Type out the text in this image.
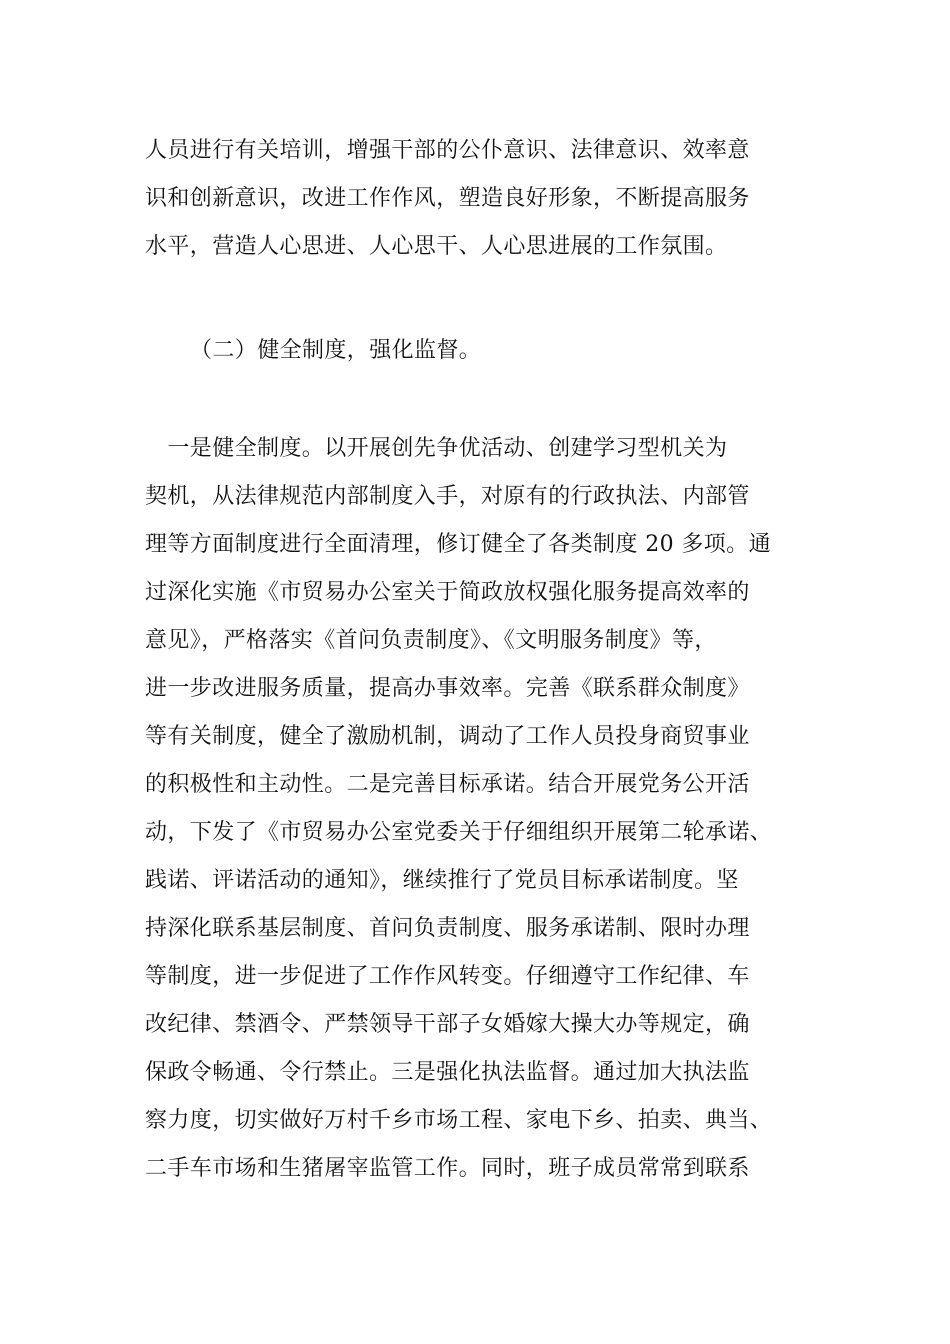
人员进行有关培训，增强干部的公仆意识、法律意识、效率意
识和创新意识，改进工作作风，塑造良好形象，不断提高服务
水平，营造人心思进、人心思干、人心思进展的工作氛围。
（二）健全制度，强化监督。
　一是健全制度。以开展创先争优活动、创建学习型机关为
契机，从法律规范内部制度入手，对原有的行政执法、内部管
理等方面制度进行全面清理，修订健全了各类制度 20 多项。通
过深化实施《市贸易办公室关于简政放权强化服务提高效率的
意见》，严格落实《首问负责制度》、《文明服务制度》等，
进一步改进服务质量，提高办事效率。完善《联系群众制度》
等有关制度，健全了激励机制，调动了工作人员投身商贸事业
的积极性和主动性。二是完善目标承诺。结合开展党务公开活
动，下发了《市贸易办公室党委关于仔细组织开展第二轮承诺、
践诺、评诺活动的通知》，继续推行了党员目标承诺制度。坚
持深化联系基层制度、首问负责制度、服务承诺制、限时办理
等制度，进一步促进了工作作风转变。仔细遵守工作纪律、车
改纪律、禁酒令、严禁领导干部子女婚嫁大操大办等规定，确
保政令畅通、令行禁止。三是强化执法监督。通过加大执法监
察力度，切实做好万村千乡市场工程、家电下乡、拍卖、典当、
二手车市场和生猪屠宰监管工作。同时，班子成员常常到联系
